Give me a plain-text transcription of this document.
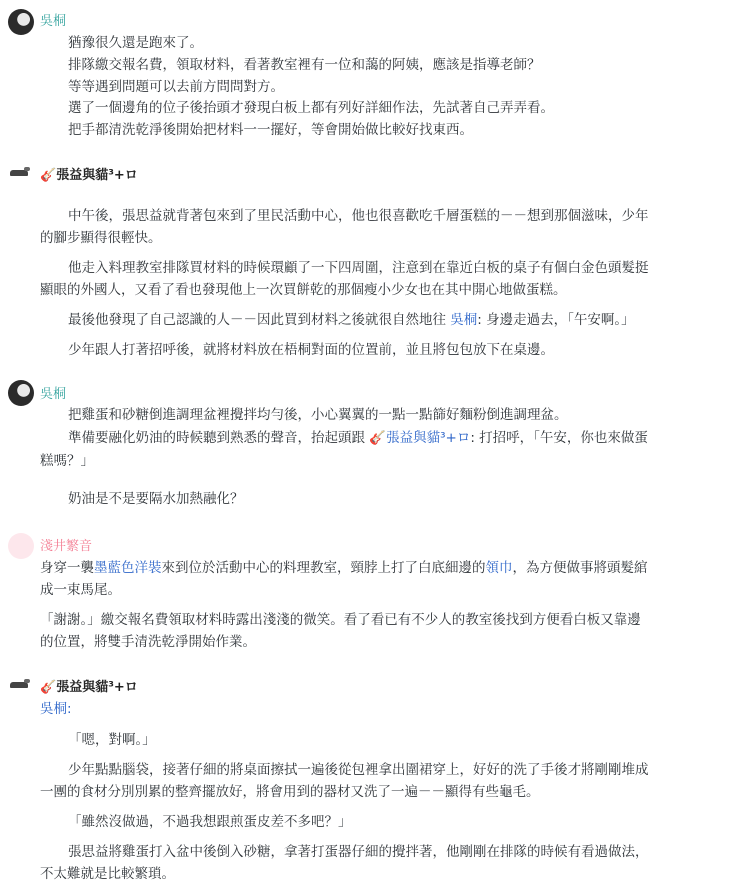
吳桐
猶豫很久還是跑來了。
排隊繳交報名費，領取材料，看著教室裡有一位和藹的阿姨，應該是指導老師？
等等遇到問題可以去前方問問對方。
選了一個邊角的位子後抬頭才發現白板上都有列好詳細作法，先試著自己弄弄看。
把手都清洗乾淨後開始把材料一一擺好，等會開始做比較好找東西。
🎸張益與貓³+ロ
中午後，張思益就背著包來到了里民活動中心，他也很喜歡吃千層蛋糕的－－想到那個滋味，少年
的腳步顯得很輕快。
他走入料理教室排隊買材料的時候環顧了一下四周圍，注意到在靠近白板的桌子有個白金色頭髮挺
顯眼的外國人，又看了看也發現他上一次買餅乾的那個瘦小少女也在其中開心地做蛋糕。
最後他發現了自己認識的人－－因此買到材料之後就很自然地往 吳桐: 身邊走過去，「午安啊。」
少年跟人打著招呼後，就將材料放在梧桐對面的位置前，並且將包包放下在桌邊。
吳桐
把雞蛋和砂糖倒進調理盆裡攪拌均勻後，小心翼翼的一點一點篩好麵粉倒進調理盆。
準備要融化奶油的時候聽到熟悉的聲音，抬起頭跟 🎸張益與貓³+ロ: 打招呼，「午安，你也來做蛋
糕嗎？」
奶油是不是要隔水加熱融化？
淺井繁音
身穿一襲墨藍色洋裝來到位於活動中心的料理教室，頸脖上打了白底細邊的領巾，為方便做事將頭髮綰
成一束馬尾。
「謝謝。」繳交報名費領取材料時露出淺淺的微笑。看了看已有不少人的教室後找到方便看白板又靠邊
的位置，將雙手清洗乾淨開始作業。
🎸張益與貓³+ロ
吳桐:
「嗯，對啊。」
少年點點腦袋，接著仔細的將桌面擦拭一遍後從包裡拿出圍裙穿上，好好的洗了手後才將剛剛堆成
一團的食材分別別累的整齊擺放好，將會用到的器材又洗了一遍－－顯得有些龜毛。
「雖然沒做過，不過我想跟煎蛋皮差不多吧？」
張思益將雞蛋打入盆中後倒入砂糖，拿著打蛋器仔細的攪拌著，他剛剛在排隊的時候有看過做法，
不太難就是比較繁瑣。
